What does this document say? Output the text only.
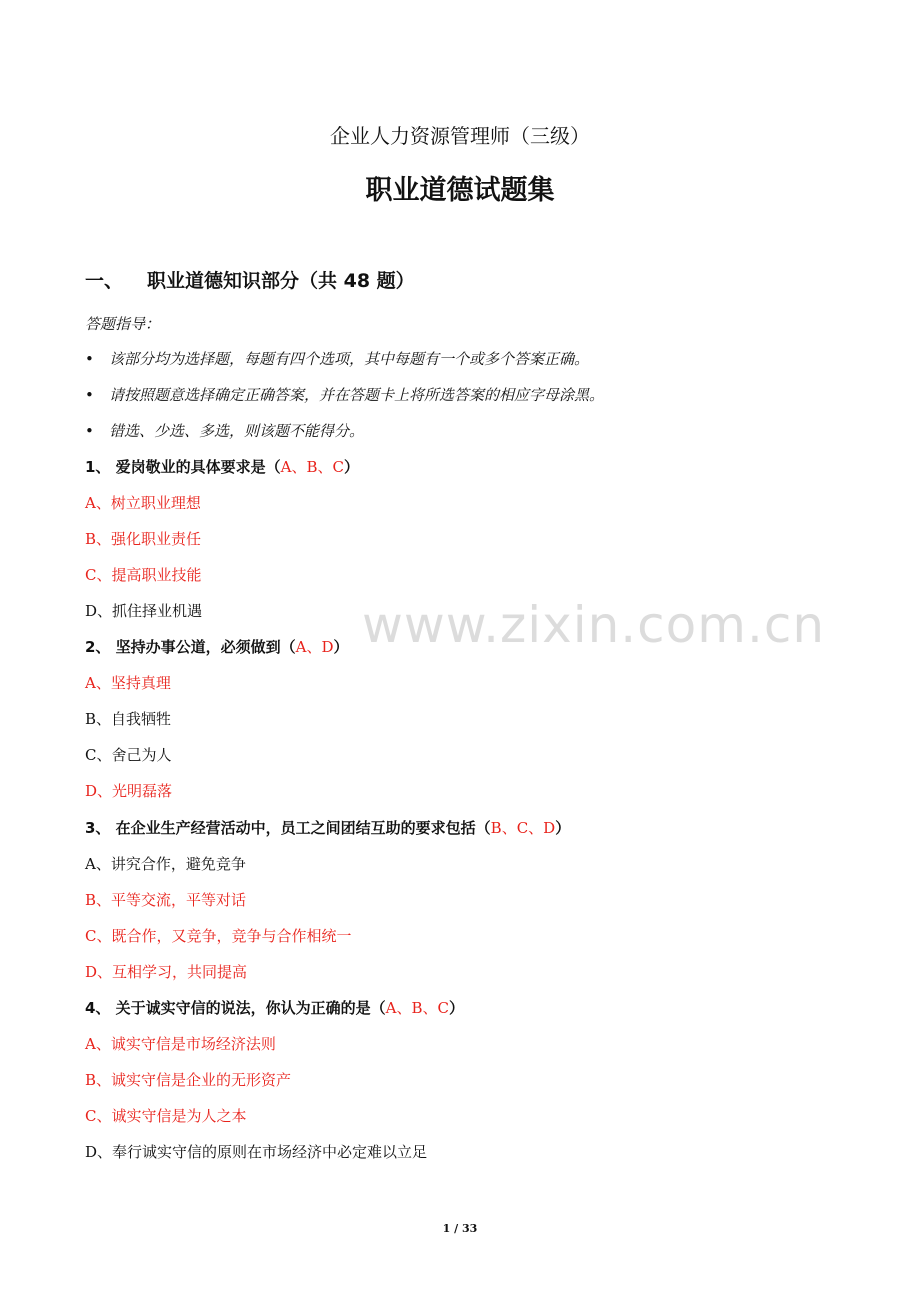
企业人力资源管理师（三级）
职业道德试题集
一、 职业道德知识部分（共 48 题）
答题指导：
• 该部分均为选择题，每题有四个选项，其中每题有一个或多个答案正确。
• 请按照题意选择确定正确答案，并在答题卡上将所选答案的相应字母涂黑。
• 错选、少选、多选，则该题不能得分。
1、 爱岗敬业的具体要求是（A、B、C）
A、树立职业理想
B、强化职业责任
C、提高职业技能
D、抓住择业机遇
2、 坚持办事公道，必须做到（A、D）
A、坚持真理
B、自我牺牲
C、舍己为人
D、光明磊落
3、 在企业生产经营活动中，员工之间团结互助的要求包括（B、C、D）
A、讲究合作，避免竞争
B、平等交流，平等对话
C、既合作，又竞争，竞争与合作相统一
D、互相学习，共同提高
4、 关于诚实守信的说法，你认为正确的是（A、B、C）
A、诚实守信是市场经济法则
B、诚实守信是企业的无形资产
C、诚实守信是为人之本
D、奉行诚实守信的原则在市场经济中必定难以立足
www.zixin.com.cn
1 / 33
